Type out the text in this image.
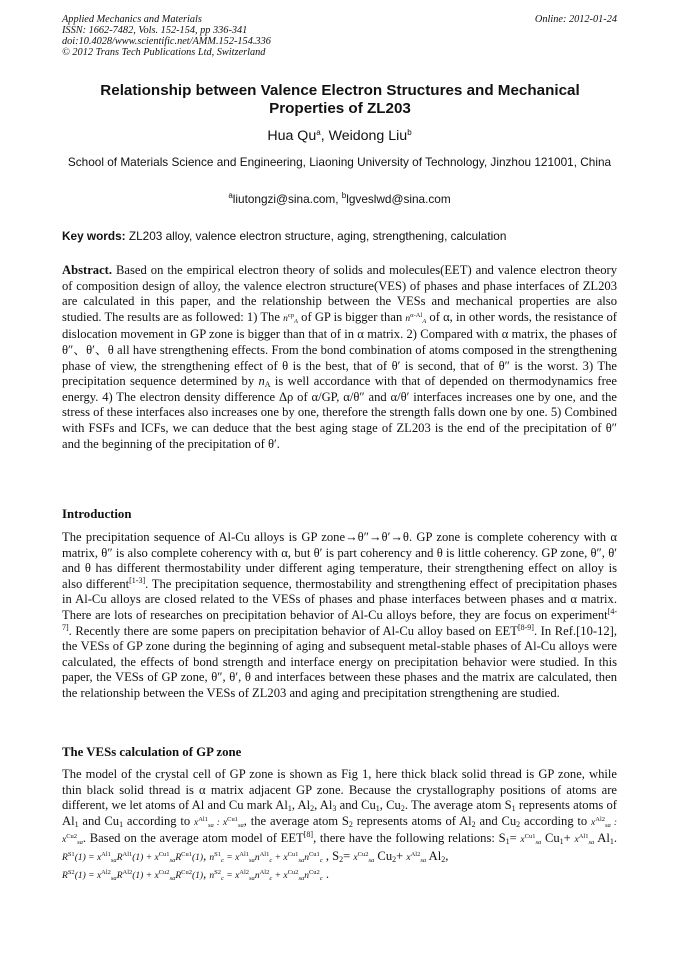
Applied Mechanics and Materials
ISSN: 1662-7482, Vols. 152-154, pp 336-341
doi:10.4028/www.scientific.net/AMM.152-154.336
© 2012 Trans Tech Publications Ltd, Switzerland
Online: 2012-01-24
Relationship between Valence Electron Structures and Mechanical Properties of ZL203
Hua Qu$^a$, Weidong Liu$^b$
School of Materials Science and Engineering, Liaoning University of Technology, Jinzhou 121001, China
$^a$liutongzi@sina.com, $^b$lgveslwd@sina.com
Key words: ZL203 alloy, valence electron structure, aging, strengthening, calculation
Abstract. Based on the empirical electron theory of solids and molecules(EET) and valence electron theory of composition design of alloy, the valence electron structure(VES) of phases and phase interfaces of ZL203 are calculated in this paper, and the relationship between the VESs and mechanical properties are also studied. The results are as followed: 1) The $n^{cp}_A$ of GP is bigger than $n^{\alpha-Al}_A$ of α, in other words, the resistance of dislocation movement in GP zone is bigger than that of in α matrix. 2) Compared with α matrix, the phases of θ″、θ′、θ all have strengthening effects. From the bond combination of atoms composed in the strengthening phase of view, the strengthening effect of θ is the best, that of θ′ is second, that of θ″ is the worst. 3) The precipitation sequence determined by $n_A$ is well accordance with that of depended on thermodynamics free energy. 4) The electron density difference Δρ of α/GP, α/θ″ and α/θ′ interfaces increases one by one, and the stress of these interfaces also increases one by one, therefore the strength falls down one by one. 5) Combined with FSFs and ICFs, we can deduce that the best aging stage of ZL203 is the end of the precipitation of θ″ and the beginning of the precipitation of θ′.
Introduction
The precipitation sequence of Al-Cu alloys is GP zone→θ″→θ′→θ. GP zone is complete coherency with α matrix, θ″ is also complete coherency with α, but θ′ is part coherency and θ is little coherency. GP zone, θ″, θ′ and θ has different thermostability under different aging temperature, their strengthening effect on alloy is also different[1-3]. The precipitation sequence, thermostability and strengthening effect of precipitation phases in Al-Cu alloys are closed related to the VESs of phases and phase interfaces between phases and α matrix. There are lots of researches on precipitation behavior of Al-Cu alloys before, they are focus on experiment[4-7]. Recently there are some papers on precipitation behavior of Al-Cu alloy based on EET[8-9]. In Ref.[10-12], the VESs of GP zone during the beginning of aging and subsequent metal-stable phases of Al-Cu alloys were calculated, the effects of bond strength and interface energy on precipitation behavior were studied. In this paper, the VESs of GP zone, θ″, θ′, θ and interfaces between these phases and the matrix are calculated, then the relationship between the VESs of ZL203 and aging and precipitation strengthening are studied.
The VESs calculation of GP zone
The model of the crystal cell of GP zone is shown as Fig 1, here thick black solid thread is GP zone, while thin black solid thread is α matrix adjacent GP zone. Because the crystallography positions of atoms are different, we let atoms of Al and Cu mark $Al_1$, $Al_2$, $Al_3$ and $Cu_1$, $Cu_2$. The average atom $S_1$ represents atoms of $Al_1$ and $Cu_1$ according to $x^{Al1}_{sa}$ : $x^{Cu1}_{sa}$, the average atom $S_2$ represents atoms of $Al_2$ and $Cu_2$ according to $x^{Al2}_{sa}$ : $x^{Cu2}_{sa}$. Based on the average atom model of EET[8], there have the following relations: $S_1= x^{Cu1}_{sa}$ $Cu_1+ x^{Al1}_{sa}$ $Al_1$. $R^{S1}(1) = x^{Al1}_{sa}R^{Al1}(1) + x^{Cu1}_{sa}R^{Cu1}(1)$, $n^{S1}_c = x^{Al1}_{sa}n^{Al1}_c + x^{Cu1}_{sa}n^{Cu1}_c$ , $S_2= x^{Cu2}_{sa}$ $Cu_2+ x^{Al2}_{sa}$ $Al_2$,
$R^{S2}(1) = x^{Al2}_{sa}R^{Al2}(1) + x^{Cu2}_{sa}R^{Cu2}(1)$, $n^{S2}_c = x^{Al2}_{sa}n^{Al2}_c + x^{Cu2}_{sa}n^{Cu2}_c$ .
